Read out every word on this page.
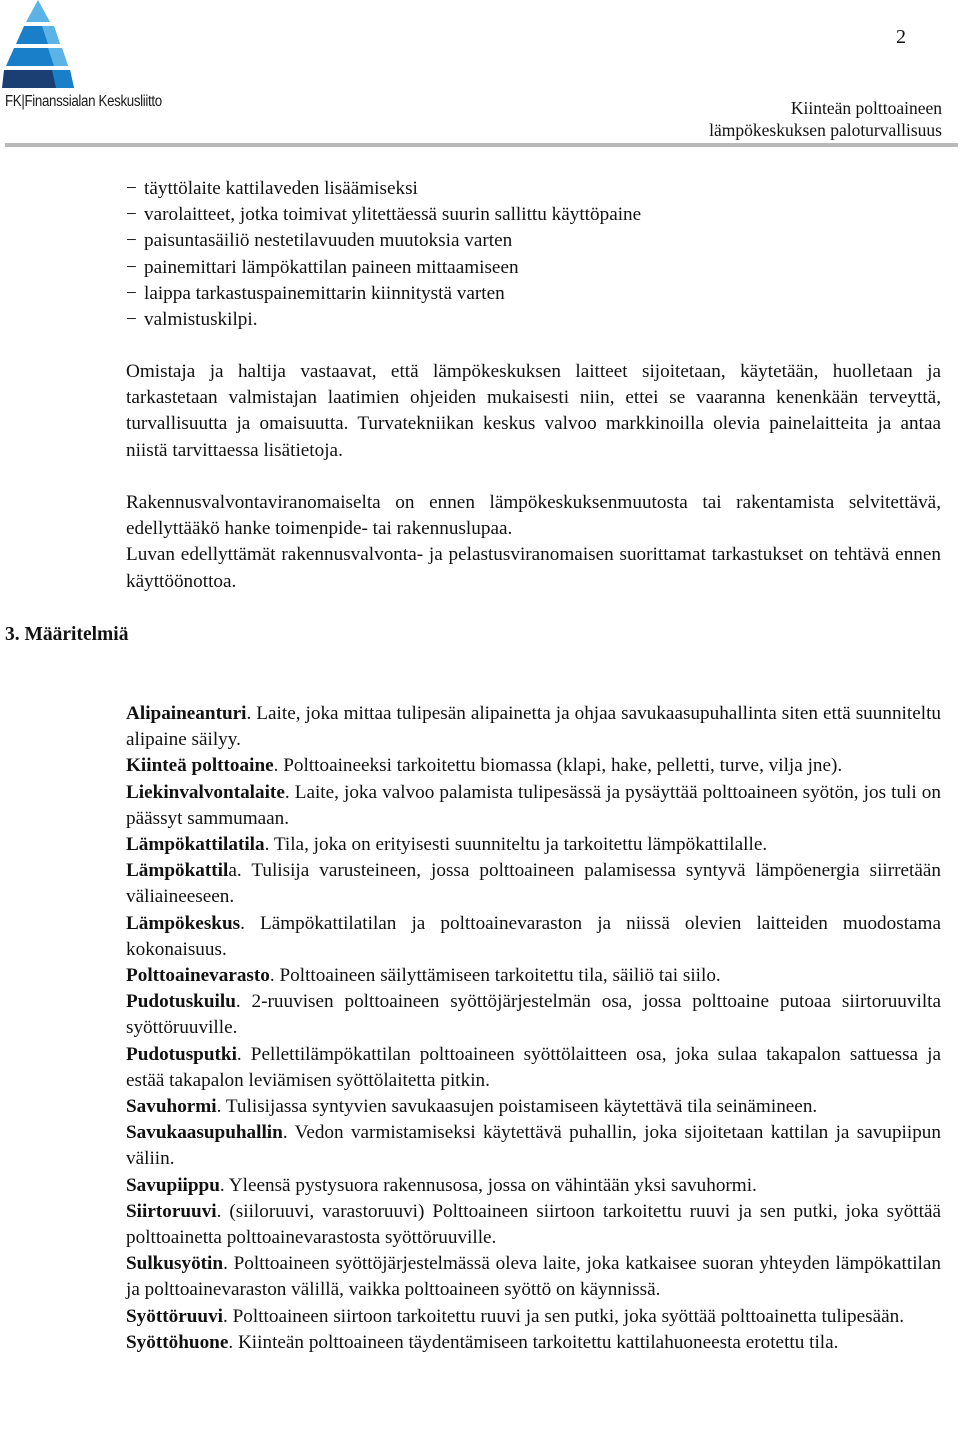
FK|Finanssialan Keskusliitto
2
Kiinteän polttoaineen
lämpökeskuksen paloturvallisuus
− täyttölaite kattilaveden lisäämiseksi
− varolaitteet, jotka toimivat ylitettäessä suurin sallittu käyttöpaine
− paisuntasäiliö nestetilavuuden muutoksia varten
− painemittari lämpökattilan paineen mittaamiseen
− laippa tarkastuspainemittarin kiinnitystä varten
− valmistuskilpi.

Omistaja ja haltija vastaavat, että lämpökeskuksen laitteet sijoitetaan, käytetään, huolletaan ja tarkastetaan valmistajan laatimien ohjeiden mukaisesti niin, ettei se vaaranna kenenkään terveyttä, turvallisuutta ja omaisuutta. Turvatekniikan keskus valvoo markkinoilla olevia painelaitteita ja antaa niistä tarvittaessa lisätietoja.

Rakennusvalvontaviranomaiselta on ennen lämpökeskuksenmuutosta tai rakentamista selvitettävä, edellyttääkö hanke toimenpide- tai rakennuslupaa.

Luvan edellyttämät rakennusvalvonta- ja pelastusviranomaisen suorittamat tarkastukset on tehtävä ennen käyttöönottoa.

3. Määritelmiä

Alipaineanturi. Laite, joka mittaa tulipesän alipainetta ja ohjaa savukaasupuhallinta siten että suunniteltu alipaine säilyy.

Kiinteä polttoaine. Polttoaineeksi tarkoitettu biomassa (klapi, hake, pelletti, turve, vilja jne).

Liekinvalvontalaite. Laite, joka valvoo palamista tulipesässä ja pysäyttää polttoaineen syötön, jos tuli on päässyt sammumaan.

Lämpökattilatila. Tila, joka on erityisesti suunniteltu ja tarkoitettu lämpökattilalle.

Lämpökattila. Tulisija varusteineen, jossa polttoaineen palamisessa syntyvä lämpöenergia siirretään väliaineeseen.

Lämpökeskus. Lämpökattilatilan ja polttoainevaraston ja niissä olevien laitteiden muodostama kokonaisuus.

Polttoainevarasto. Polttoaineen säilyttämiseen tarkoitettu tila, säiliö tai siilo.

Pudotuskuilu. 2-ruuvisen polttoaineen syöttöjärjestelmän osa, jossa polttoaine putoaa siirtoruuvilta syöttöruuville.

Pudotusputki. Pellettilämpökattilan polttoaineen syöttölaitteen osa, joka sulaa takapalon sattuessa ja estää takapalon leviämisen syöttölaitetta pitkin.

Savuhormi. Tulisijassa syntyvien savukaasujen poistamiseen käytettävä tila seinämineen.

Savukaasupuhallin. Vedon varmistamiseksi käytettävä puhallin, joka sijoitetaan kattilan ja savupiipun väliin.

Savupiippu. Yleensä pystysuora rakennusosa, jossa on vähintään yksi savuhormi.

Siirtoruuvi. (siiloruuvi, varastoruuvi) Polttoaineen siirtoon tarkoitettu ruuvi ja sen putki, joka syöttää polttoainetta polttoainevarastosta syöttöruuville.

Sulkusyötin. Polttoaineen syöttöjärjestelmässä oleva laite, joka katkaisee suoran yhteyden lämpökattilan ja polttoainevaraston välillä, vaikka polttoaineen syöttö on käynnissä.

Syöttöruuvi. Polttoaineen siirtoon tarkoitettu ruuvi ja sen putki, joka syöttää polttoainetta tulipesään.

Syöttöhuone. Kiinteän polttoaineen täydentämiseen tarkoitettu kattilahuoneesta erotettu tila.
